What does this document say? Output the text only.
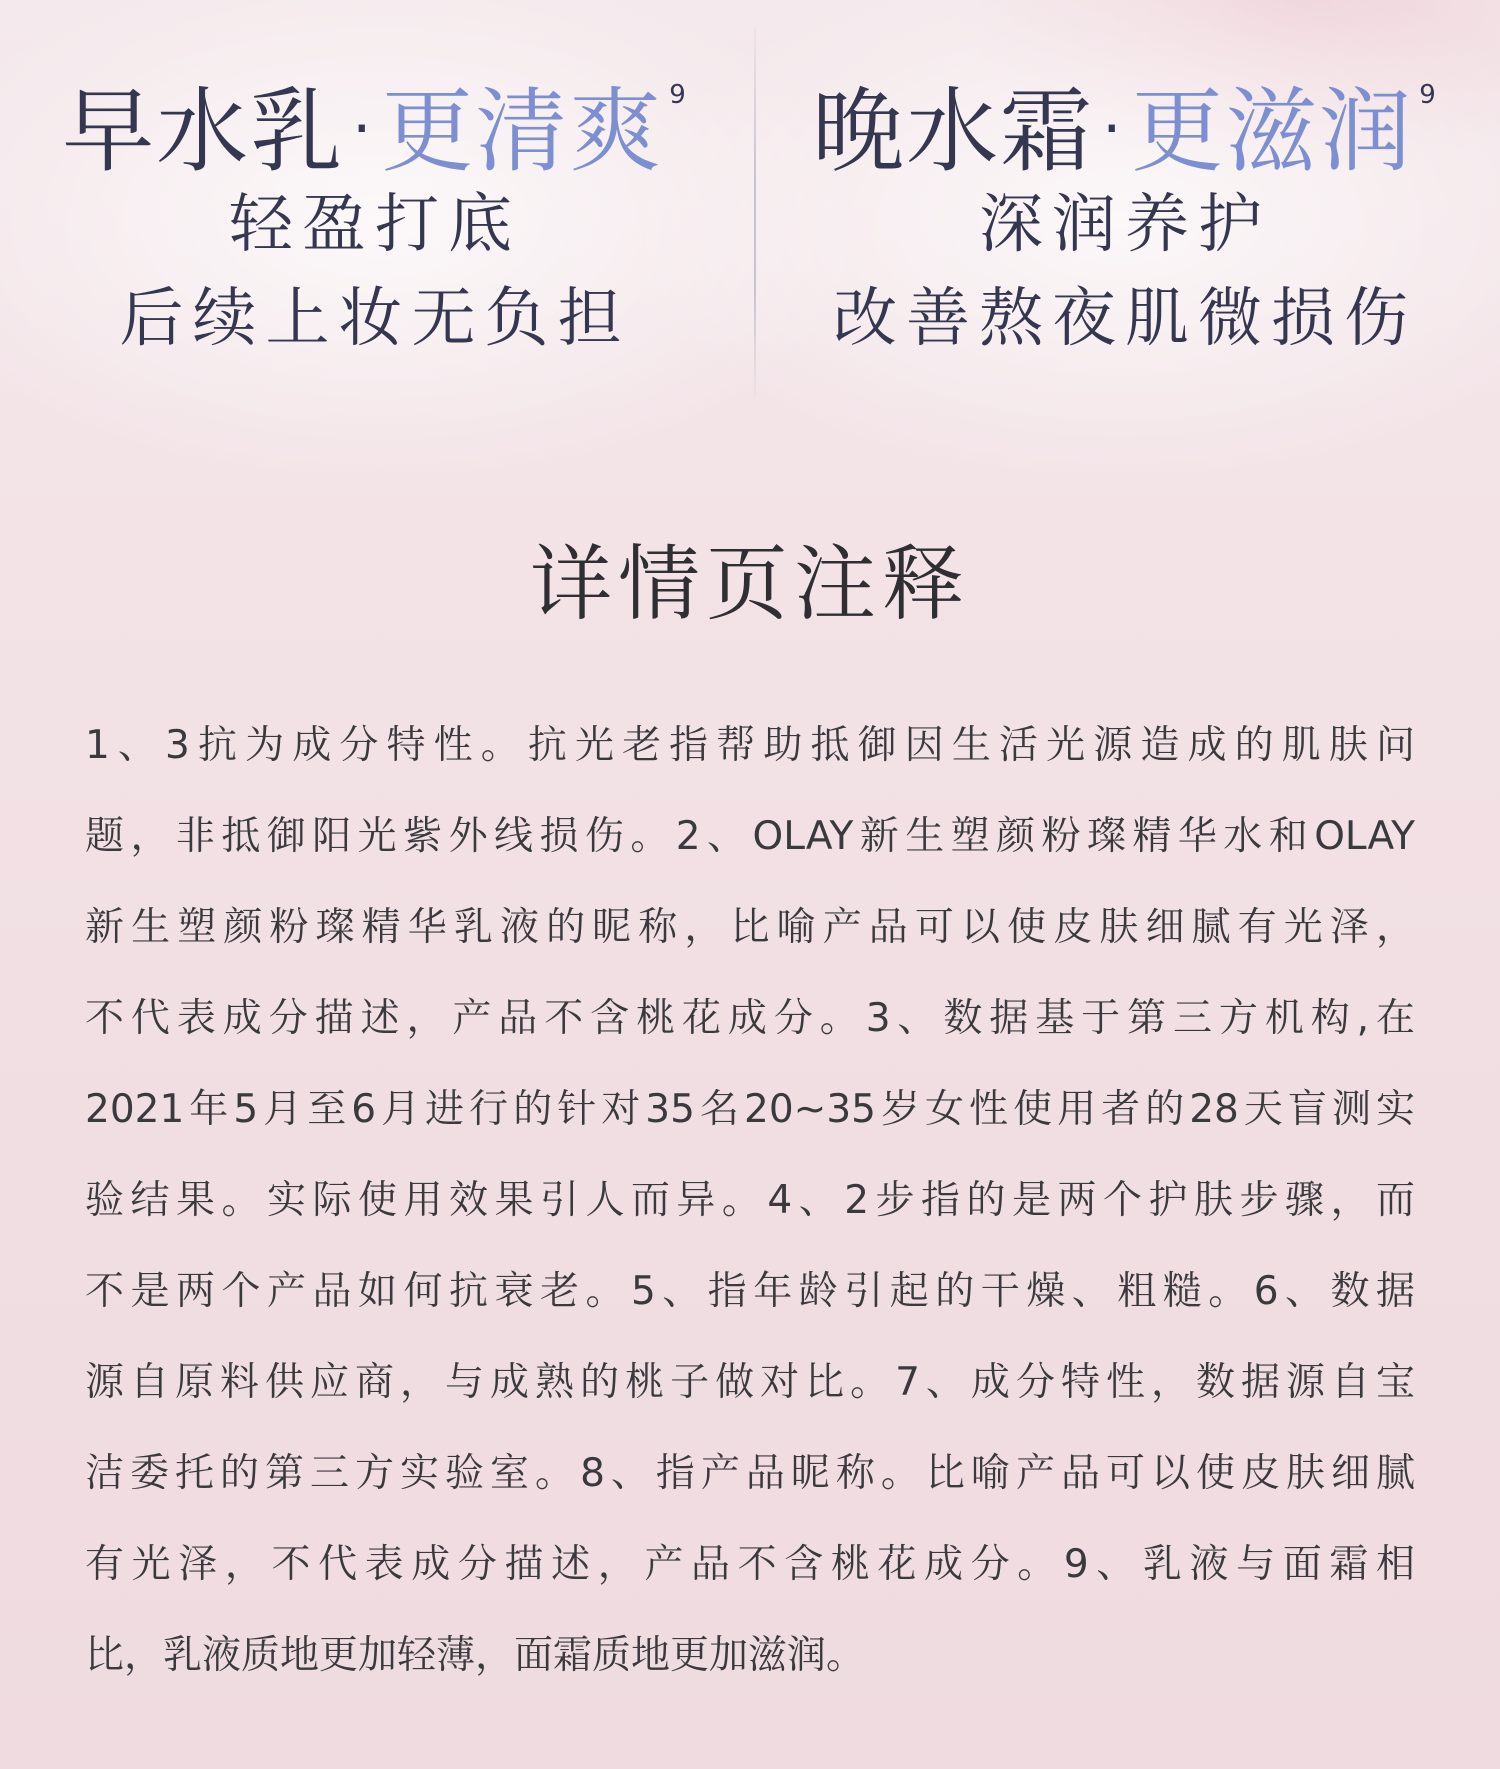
早水乳 ·更清爽 $^9$
轻盈打底
后续上妆无负担
晚水霜 ·更滋润 $^9$
深润养护
改善熬夜肌微损伤
详情页注释
1、3抗为成分特性。抗光老指帮助抵御因生活光源造成的肌肤问
题，非抵御阳光紫外线损伤。2、OLAY新生塑颜粉璨精华水和OLAY
新生塑颜粉璨精华乳液的昵称，比喻产品可以使皮肤细腻有光泽，
不代表成分描述，产品不含桃花成分。3、数据基于第三方机构,在
2021年5月至6月进行的针对35名20~35岁女性使用者的28天盲测实
验结果。实际使用效果引人而异。4、2步指的是两个护肤步骤，而
不是两个产品如何抗衰老。5、指年龄引起的干燥、粗糙。6、数据
源自原料供应商，与成熟的桃子做对比。7、成分特性，数据源自宝
洁委托的第三方实验室。8、指产品昵称。比喻产品可以使皮肤细腻
有光泽，不代表成分描述，产品不含桃花成分。9、乳液与面霜相
比，乳液质地更加轻薄，面霜质地更加滋润。
